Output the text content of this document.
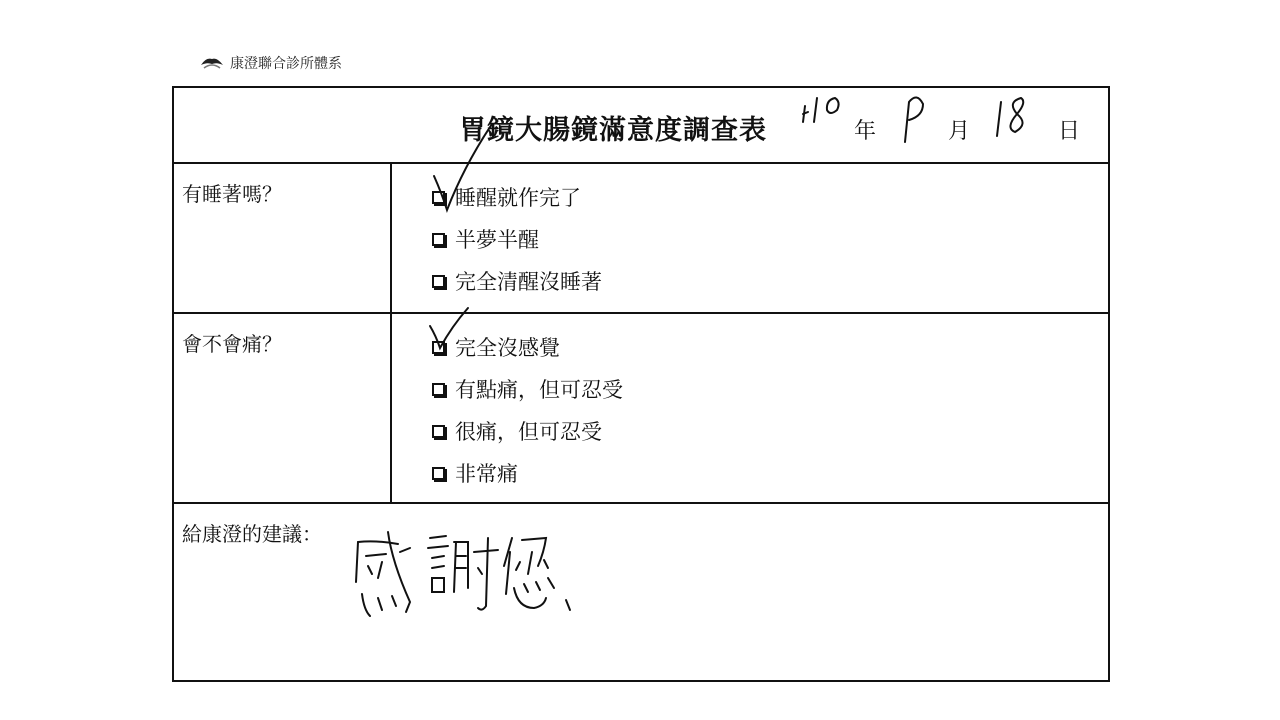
康澄聯合診所體系
胃鏡大腸鏡滿意度調查表	年	月	日
有睡著嗎？	睡醒就作完了
半夢半醒
完全清醒沒睡著
會不會痛？	完全沒感覺
有點痛，但可忍受
很痛，但可忍受
非常痛
給康澄的建議：
